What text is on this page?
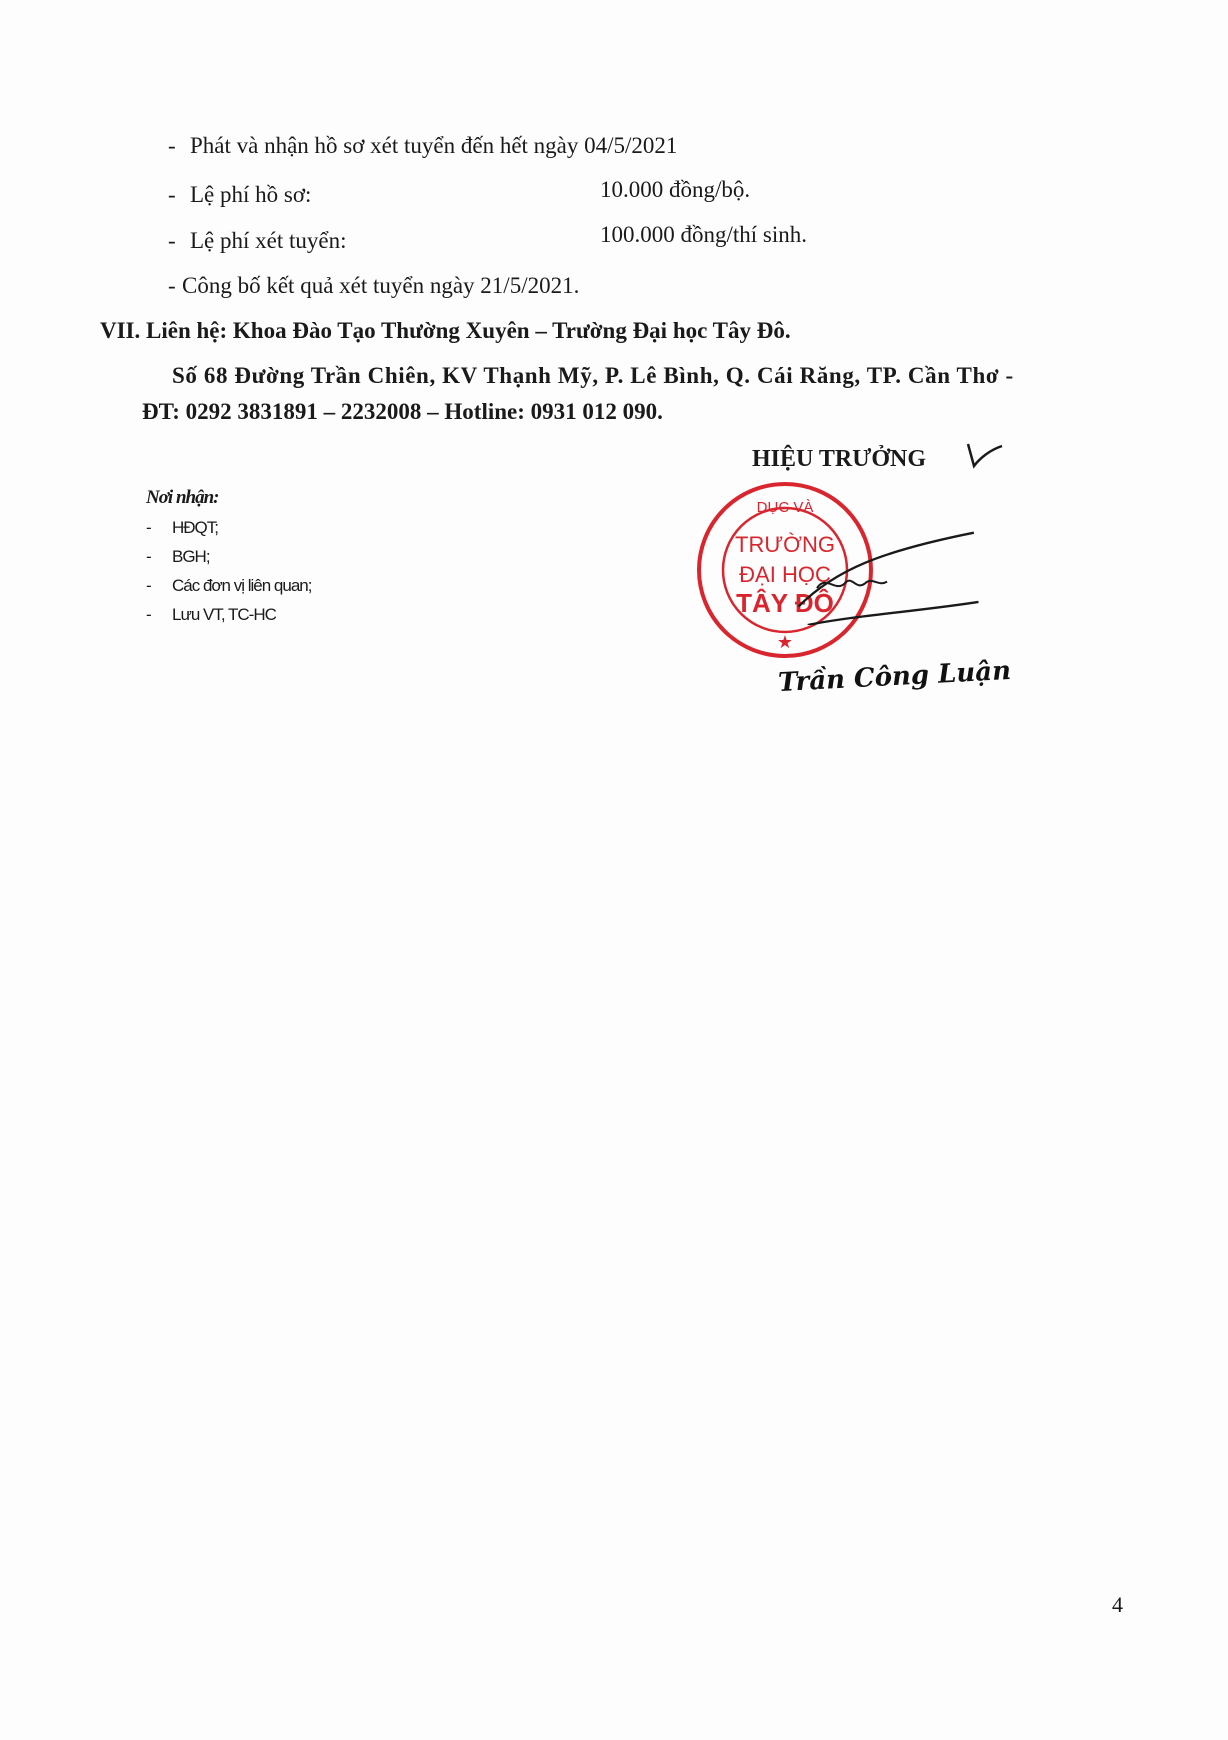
- Phát và nhận hồ sơ xét tuyển đến hết ngày 04/5/2021
- Lệ phí hồ sơ:	10.000 đồng/bộ.
- Lệ phí xét tuyển:	100.000 đồng/thí sinh.
- Công bố kết quả xét tuyển ngày 21/5/2021.
VII. Liên hệ: Khoa Đào Tạo Thường Xuyên – Trường Đại học Tây Đô.
Số 68 Đường Trần Chiên, KV Thạnh Mỹ, P. Lê Bình, Q. Cái Răng, TP. Cần Thơ -
ĐT: 0292 3831891 – 2232008 – Hotline: 0931 012 090.
Nơi nhận:
- HĐQT;
- BGH;
- Các đơn vị liên quan;
- Lưu VT, TC-HC
HIỆU TRƯỞNG
DỤC VÀ
TRƯỜNG
ĐẠI HỌC
TÂY ĐÔ
★
Trần Công Luận
4
